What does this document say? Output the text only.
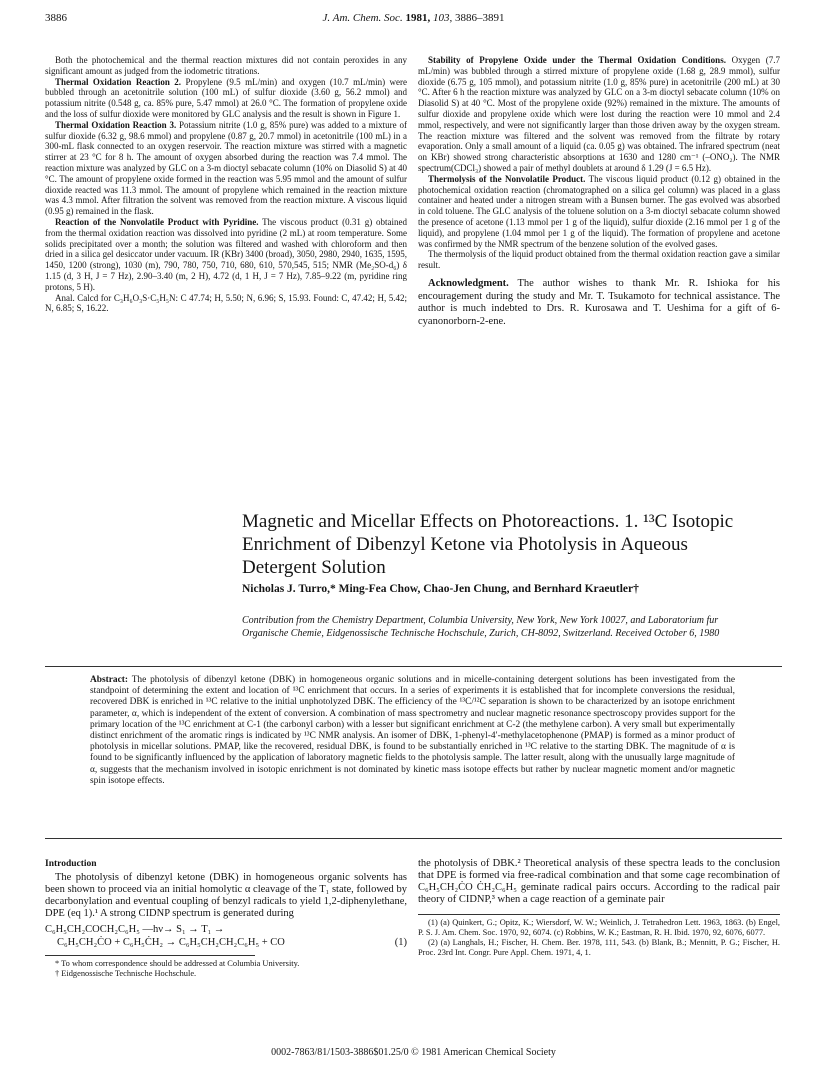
3886	J. Am. Chem. Soc. 1981, 103, 3886–3891

Both the photochemical and the thermal reaction mixtures did not contain peroxides in any significant amount as judged from the iodometric titrations.

Thermal Oxidation Reaction 2. Propylene (9.5 mL/min) and oxygen (10.7 mL/min) were bubbled through an acetonitrile solution (100 mL) of sulfur dioxide (3.60 g, 56.2 mmol) and potassium nitrite (0.548 g, ca. 85% pure, 5.47 mmol) at 26.0 °C. The formation of propylene oxide and the loss of sulfur dioxide were monitored by GLC analysis and the result is shown in Figure 1.

Thermal Oxidation Reaction 3. Potassium nitrite (1.0 g, 85% pure) was added to a mixture of sulfur dioxide (6.32 g, 98.6 mmol) and propylene (0.87 g, 20.7 mmol) in acetonitrile (100 mL) in a 300-mL flask connected to an oxygen reservoir. The reaction mixture was stirred with a magnetic stirrer at 23 °C for 8 h. The amount of oxygen absorbed during the reaction was 7.4 mmol. The reaction mixture was analyzed by GLC on a 3-m dioctyl sebacate column (10% on Diasolid S) at 40 °C. The amount of propylene oxide formed in the reaction was 5.95 mmol and the amount of sulfur dioxide reacted was 11.3 mmol. The amount of propylene which remained in the reaction mixture was 4.3 mmol. After filtration the solvent was removed from the reaction mixture. A viscous liquid (0.95 g) remained in the flask.

Reaction of the Nonvolatile Product with Pyridine. The viscous product (0.31 g) obtained from the thermal oxidation reaction was dissolved into pyridine (2 mL) at room temperature. Some solids precipitated over a month; the solution was filtered and washed with chloroform and then dried in a silica gel desiccator under vacuum. IR (KBr) 3400 (broad), 3050, 2980, 2940, 1635, 1595, 1450, 1200 (strong), 1030 (m), 790, 780, 750, 710, 680, 610, 570,545, 515; NMR (Me₂SO-d₆) δ 1.15 (d, 3 H, J = 7 Hz), 2.90–3.40 (m, 2 H), 4.72 (d, 1 H, J = 7 Hz), 7.85–9.22 (m, pyridine ring protons, 5 H).

Anal. Calcd for C₃H₆O₃S·C₅H₅N: C 47.74; H, 5.50; N, 6.96; S, 15.93. Found: C, 47.42; H, 5.42; N, 6.85; S, 16.22.

Stability of Propylene Oxide under the Thermal Oxidation Conditions. Oxygen (7.7 mL/min) was bubbled through a stirred mixture of propylene oxide (1.68 g, 28.9 mmol), sulfur dioxide (6.75 g, 105 mmol), and potassium nitrite (1.0 g, 85% pure) in acetonitrile (200 mL) at 30 °C. After 6 h the reaction mixture was analyzed by GLC on a 3-m dioctyl sebacate column (10% on Diasolid S) at 40 °C. Most of the propylene oxide (92%) remained in the mixture. The amounts of sulfur dioxide and propylene oxide which were lost during the reaction were 10 mmol and 2.4 mmol, respectively, and were not significantly larger than those driven away by the oxygen stream. The reaction mixture was filtered and the solvent was removed from the filtrate by rotary evaporation. Only a small amount of a liquid (ca. 0.05 g) was obtained. The infrared spectrum (neat on KBr) showed strong characteristic absorptions at 1630 and 1280 cm⁻¹ (–ONO₂). The NMR spectrum(CDCl₃) showed a pair of methyl doublets at around δ 1.29 (J = 6.5 Hz).

Thermolysis of the Nonvolatile Product. The viscous liquid product (0.12 g) obtained in the photochemical oxidation reaction (chromatographed on a silica gel column) was placed in a glass container and heated under a nitrogen stream with a Bunsen burner. The gas evolved was absorbed in cold toluene. The GLC analysis of the toluene solution on a 3-m dioctyl sebacate column showed the presence of acetone (1.13 mmol per 1 g of the liquid), sulfur dioxide (2.16 mmol per 1 g of the liquid), and propylene (1.04 mmol per 1 g of the liquid). The formation of propylene and acetone was confirmed by the NMR spectrum of the benzene solution of the evolved gases.

The thermolysis of the liquid product obtained from the thermal oxidation reaction gave a similar result.

Acknowledgment. The author wishes to thank Mr. R. Ishioka for his encouragement during the study and Mr. T. Tsukamoto for technical assistance. The author is much indebted to Drs. R. Kurosawa and T. Ueshima for a gift of 6-cyanonorborn-2-ene.

Magnetic and Micellar Effects on Photoreactions. 1. ¹³C Isotopic Enrichment of Dibenzyl Ketone via Photolysis in Aqueous Detergent Solution
Nicholas J. Turro,* Ming-Fea Chow, Chao-Jen Chung, and Bernhard Kraeutler†
Contribution from the Chemistry Department, Columbia University, New York, New York 10027, and Laboratorium fur Organische Chemie, Eidgenossische Technische Hochschule, Zurich, CH-8092, Switzerland. Received October 6, 1980
Abstract: The photolysis of dibenzyl ketone (DBK) in homogeneous organic solutions and in micelle-containing detergent solutions has been investigated from the standpoint of determining the extent and location of ¹³C enrichment that occurs. In a series of experiments it is established that for incomplete conversions the residual, recovered DBK is enriched in ¹³C relative to the initial unphotolyzed DBK. The efficiency of the ¹³C/¹²C separation is shown to be characterized by an isotope enrichment parameter, α, which is independent of the extent of conversion. A combination of mass spectrometry and nuclear magnetic resonance spectroscopy provides support for the primary location of the ¹³C enrichment at C-1 (the carbonyl carbon) with a lesser but significant enrichment at C-2 (the methylene carbon). A very small but experimentally distinct enrichment of the aromatic rings is indicated by ¹³C NMR analysis. An isomer of DBK, 1-phenyl-4′-methylacetophenone (PMAP) is formed as a minor product of photolysis in micellar solutions. PMAP, like the recovered, residual DBK, is found to be substantially enriched in ¹³C relative to the starting DBK. The magnitude of α is found to be significantly influenced by the application of laboratory magnetic fields to the photolysis sample. The latter result, along with the unusually large magnitude of α, suggests that the mechanism involved in isotopic enrichment is not dominated by kinetic mass isotope effects but rather by nuclear magnetic moment and/or magnetic spin isotope effects.
Introduction

The photolysis of dibenzyl ketone (DBK) in homogeneous organic solvents has been shown to proceed via an initial homolytic α cleavage of the T₁ state, followed by decarbonylation and eventual coupling of benzyl radicals to yield 1,2-diphenylethane, DPE (eq 1).¹ A strong CIDNP spectrum is generated during

C₆H₅CH₂COCH₂C₆H₅ —hν→ S₁ → T₁ →
(1)
C₆H₅CH₂ĊO + C₆H₅ĊH₂ → C₆H₅CH₂CH₂C₆H₅ + CO

* To whom correspondence should be addressed at Columbia University.

† Eidgenossische Technische Hochschule.

the photolysis of DBK.² Theoretical analysis of these spectra leads to the conclusion that DPE is formed via free-radical combination and that some cage recombination of C₆H₅CH₂ĊO ĊH₂C₆H₅ geminate radical pairs occurs. According to the radical pair theory of CIDNP,³ when a cage reaction of a geminate pair

(1) (a) Quinkert, G.; Opitz, K.; Wiersdorf, W. W.; Weinlich, J. Tetrahedron Lett. 1963, 1863. (b) Engel, P. S. J. Am. Chem. Soc. 1970, 92, 6074. (c) Robbins, W. K.; Eastman, R. H. Ibid. 1970, 92, 6076, 6077.

(2) (a) Langhals, H.; Fischer, H. Chem. Ber. 1978, 111, 543. (b) Blank, B.; Mennitt, P. G.; Fischer, H. Proc. 23rd Int. Congr. Pure Appl. Chem. 1971, 4, 1.

0002-7863/81/1503-3886$01.25/0 © 1981 American Chemical Society
